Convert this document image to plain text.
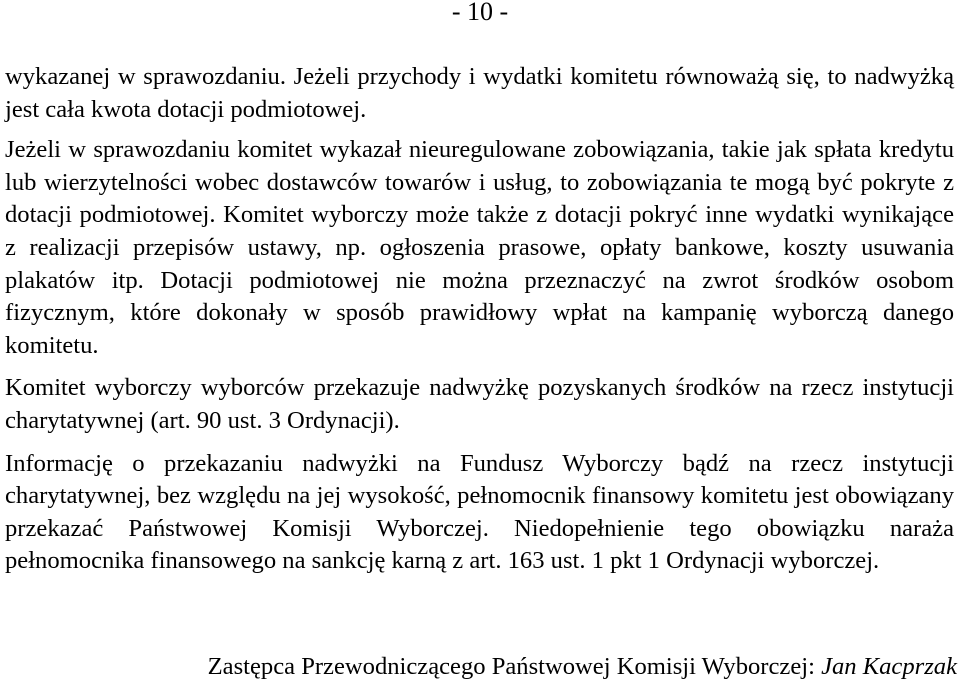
- 10 -

wykazanej w sprawozdaniu. Jeżeli przychody i wydatki komitetu równoważą się, to nadwyżką jest cała kwota dotacji podmiotowej.

Jeżeli w sprawozdaniu komitet wykazał nieuregulowane zobowiązania, takie jak spłata kredytu lub wierzytelności wobec dostawców towarów i usług, to zobowiązania te mogą być pokryte z dotacji podmiotowej. Komitet wyborczy może także z dotacji pokryć inne wydatki wynikające z realizacji przepisów ustawy, np. ogłoszenia prasowe, opłaty bankowe, koszty usuwania plakatów itp. Dotacji podmiotowej nie można przeznaczyć na zwrot środków osobom fizycznym, które dokonały w sposób prawidłowy wpłat na kampanię wyborczą danego komitetu.

Komitet wyborczy wyborców przekazuje nadwyżkę pozyskanych środków na rzecz instytucji charytatywnej (art. 90 ust. 3 Ordynacji).

Informację o przekazaniu nadwyżki na Fundusz Wyborczy bądź na rzecz instytucji charytatywnej, bez względu na jej wysokość, pełnomocnik finansowy komitetu jest obowiązany przekazać Państwowej Komisji Wyborczej. Niedopełnienie tego obowiązku naraża pełnomocnika finansowego na sankcję karną z art. 163 ust. 1 pkt 1 Ordynacji wyborczej.

Zastępca Przewodniczącego Państwowej Komisji Wyborczej: Jan Kacprzak
